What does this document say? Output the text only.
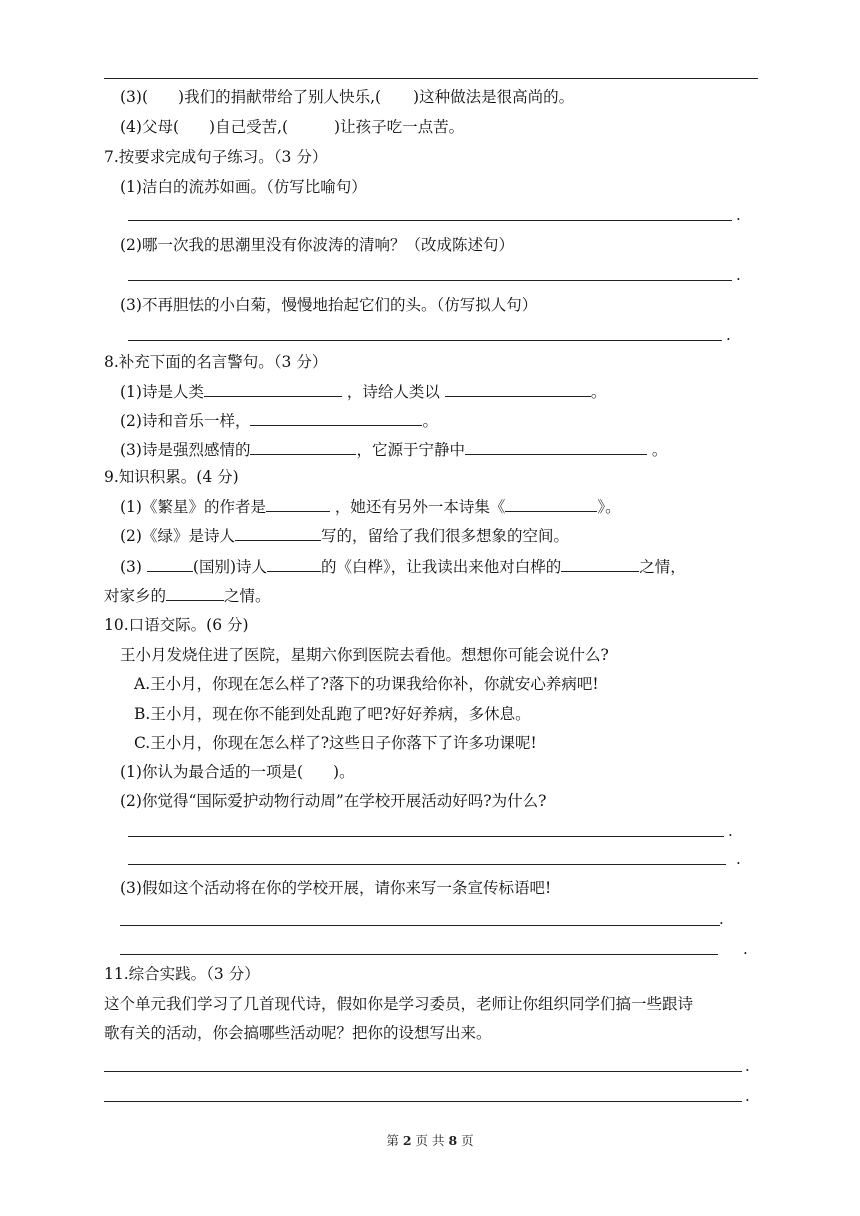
(3)( )我们的捐献带给了别人快乐,( )这种做法是很高尚的。
(4)父母( )自己受苦,(	)让孩子吃一点苦。
7.按要求完成句子练习。（3 分）
(1)洁白的流苏如画。（仿写比喻句）
.
(2)哪一次我的思潮里没有你波涛的清响？（改成陈述句）
.
(3)不再胆怯的小白菊，慢慢地抬起它们的头。（仿写拟人句）
.
8.补充下面的名言警句。（3 分）
(1)诗是人类	，诗给人类以	。
(2)诗和音乐一样，	。
(3)诗是强烈感情的	，它源于宁静中	。
9.知识积累。(4 分)
(1)《繁星》的作者是	，她还有另外一本诗集《	》。
(2)《绿》是诗人	写的，留给了我们很多想象的空间。
(3)	(国别)诗人	的《白桦》，让我读出来他对白桦的	之情，
对家乡的	之情。
10.口语交际。(6 分)
王小月发烧住进了医院，星期六你到医院去看他。想想你可能会说什么?
A.王小月，你现在怎么样了?落下的功课我给你补，你就安心养病吧!
B.王小月，现在你不能到处乱跑了吧?好好养病，多休息。
C.王小月，你现在怎么样了?这些日子你落下了许多功课呢!
(1)你认为最合适的一项是( )。
(2)你觉得“国际爱护动物行动周”在学校开展活动好吗?为什么?
.
.
(3)假如这个活动将在你的学校开展，请你来写一条宣传标语吧!
.
.
11.综合实践。（3 分）
这个单元我们学习了几首现代诗，假如你是学习委员，老师让你组织同学们搞一些跟诗
歌有关的活动，你会搞哪些活动呢？把你的设想写出来。
.
.
第 2 页 共 8 页
